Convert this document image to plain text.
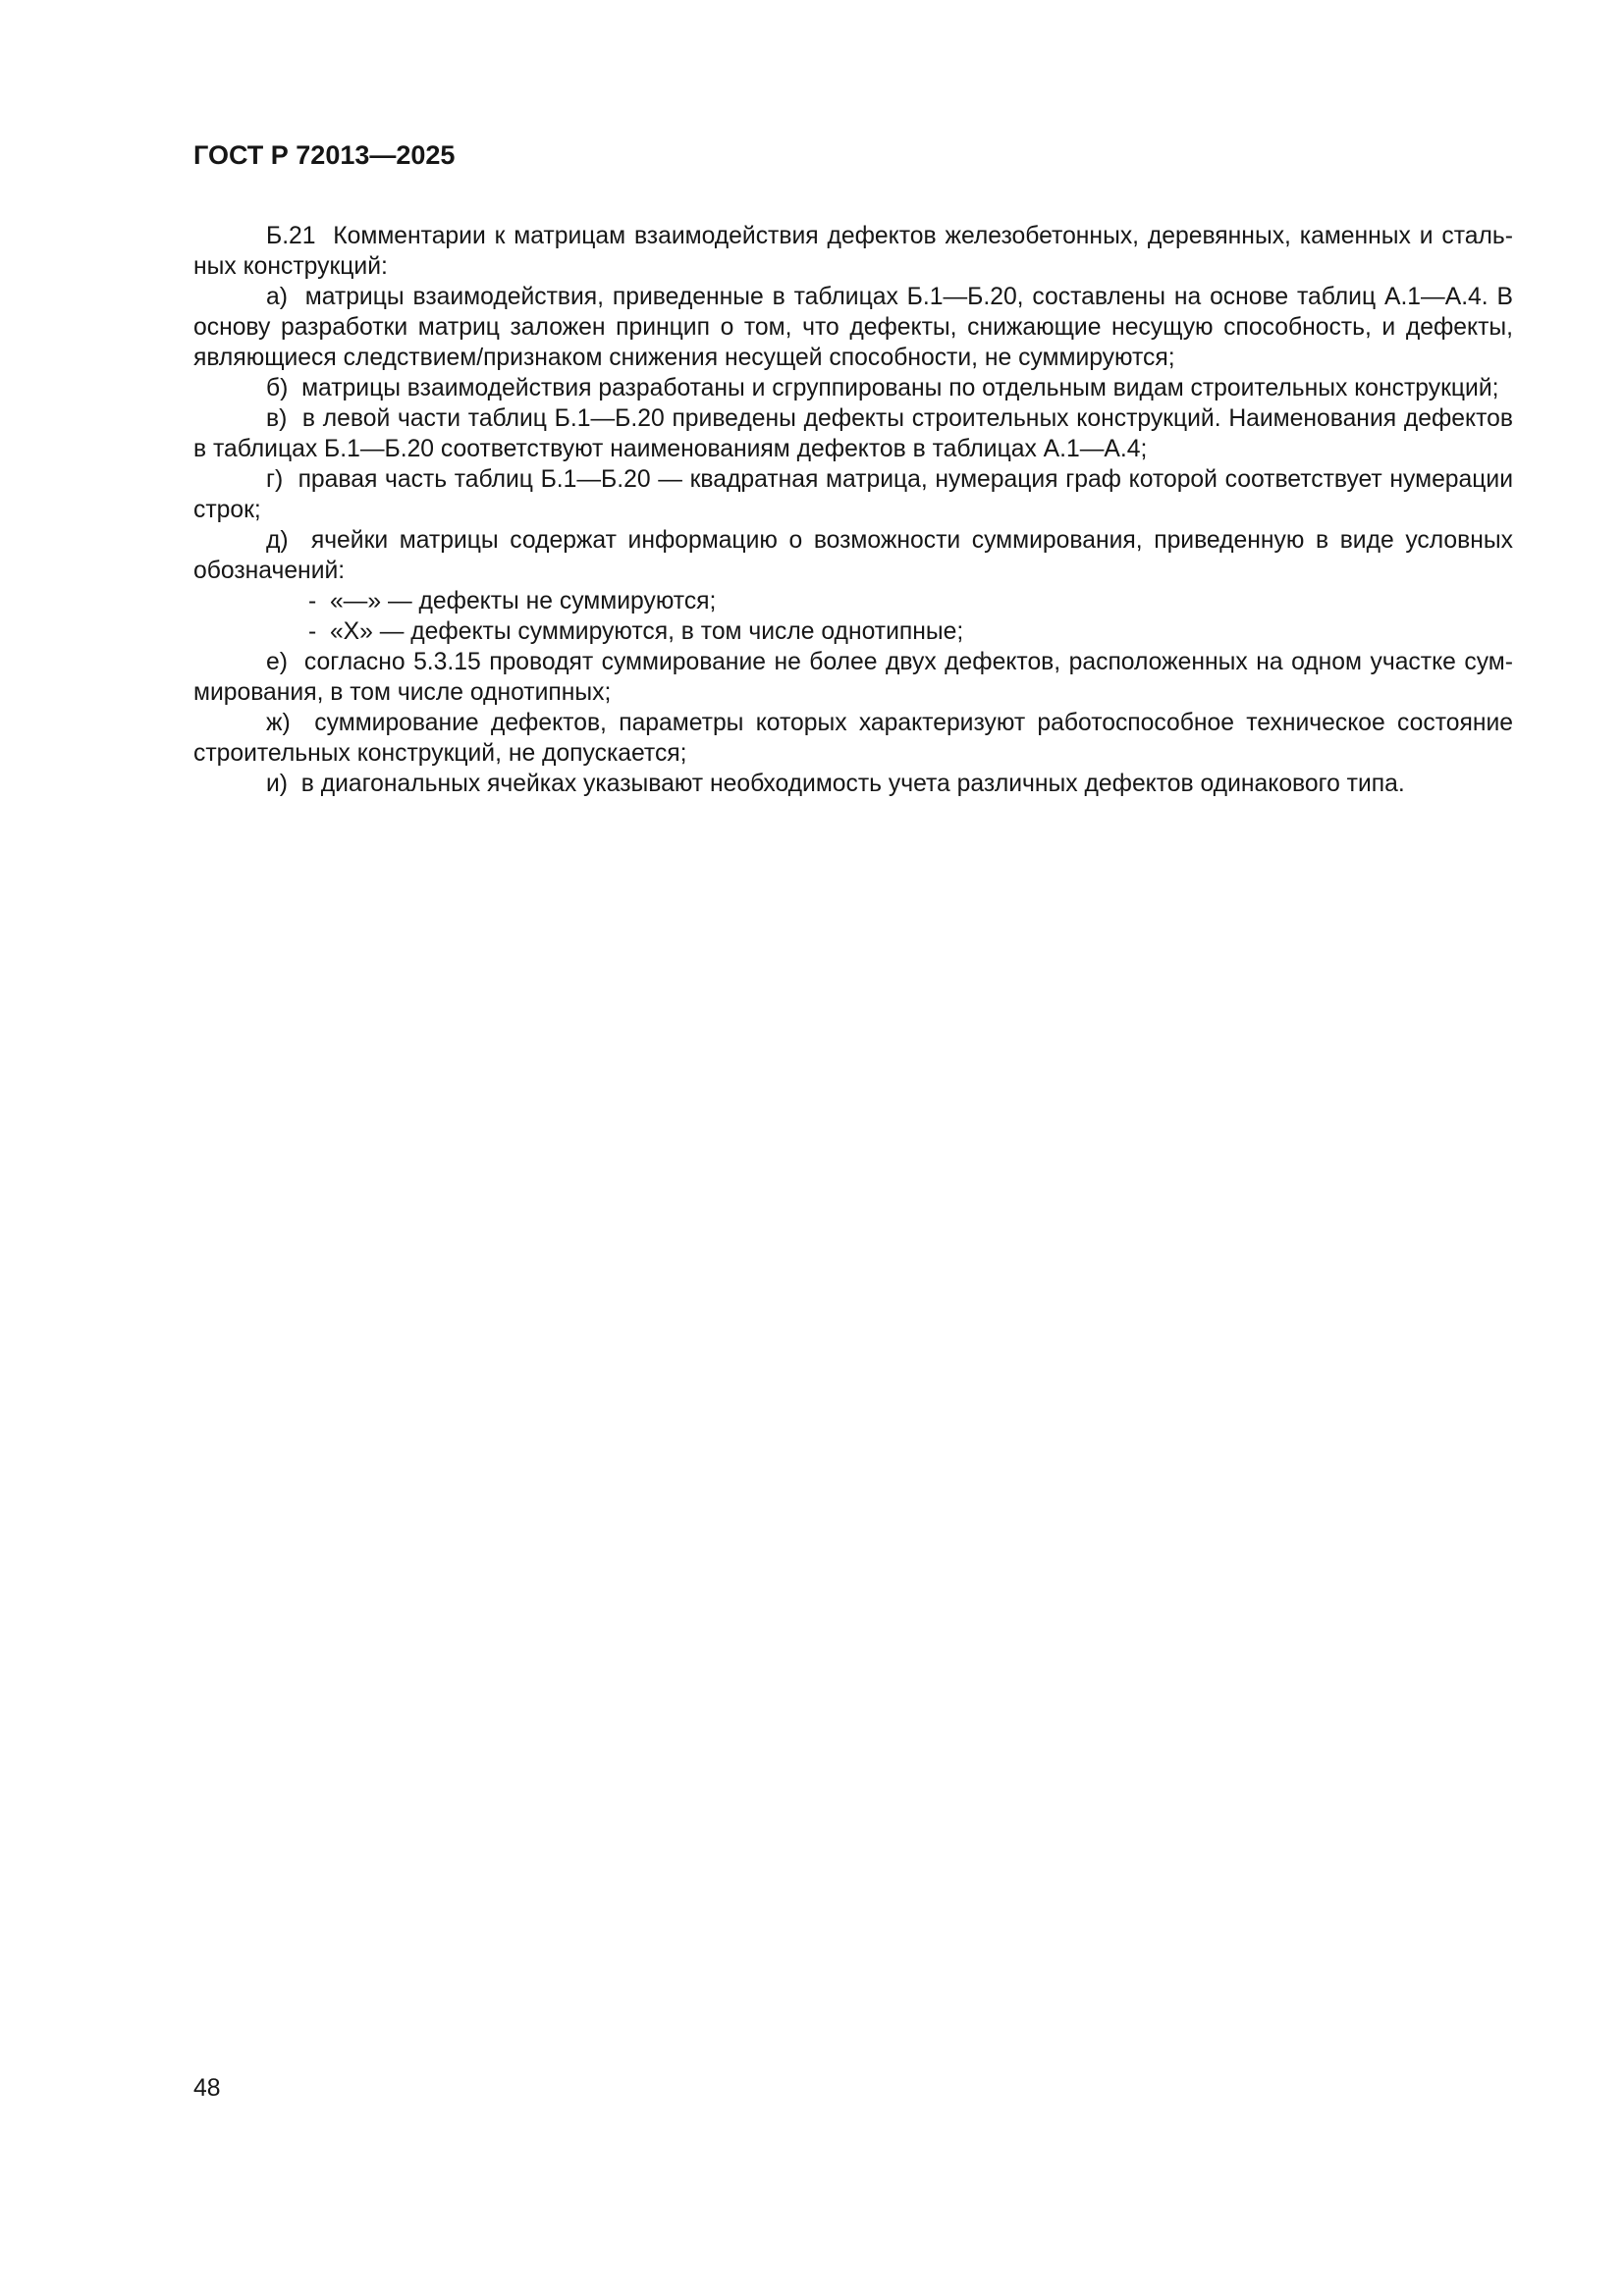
ГОСТ Р 72013—2025

Б.21  Комментарии к матрицам взаимодействия дефектов железобетонных, деревянных, каменных и стальных конструкций:

а)  матрицы взаимодействия, приведенные в таблицах Б.1—Б.20, составлены на основе таблиц А.1—А.4. В основу разработки матриц заложен принцип о том, что дефекты, снижающие несущую способность, и дефекты, являющиеся следствием/признаком снижения несущей способности, не суммируются;

б)  матрицы взаимодействия разработаны и сгруппированы по отдельным видам строительных конструкций;

в)  в левой части таблиц Б.1—Б.20 приведены дефекты строительных конструкций. Наименования дефектов в таблицах Б.1—Б.20 соответствуют наименованиям дефектов в таблицах А.1—А.4;

г)  правая часть таблиц Б.1—Б.20 — квадратная матрица, нумерация граф которой соответствует нумерации строк;

д)  ячейки матрицы содержат информацию о возможности суммирования, приведенную в виде условных обозначений:

-  «—» — дефекты не суммируются;

-  «Х» — дефекты суммируются, в том числе однотипные;

е)  согласно 5.3.15 проводят суммирование не более двух дефектов, расположенных на одном участке суммирования, в том числе однотипных;

ж)  суммирование дефектов, параметры которых характеризуют работоспособное техническое состояние строительных конструкций, не допускается;

и)  в диагональных ячейках указывают необходимость учета различных дефектов одинакового типа.

48
